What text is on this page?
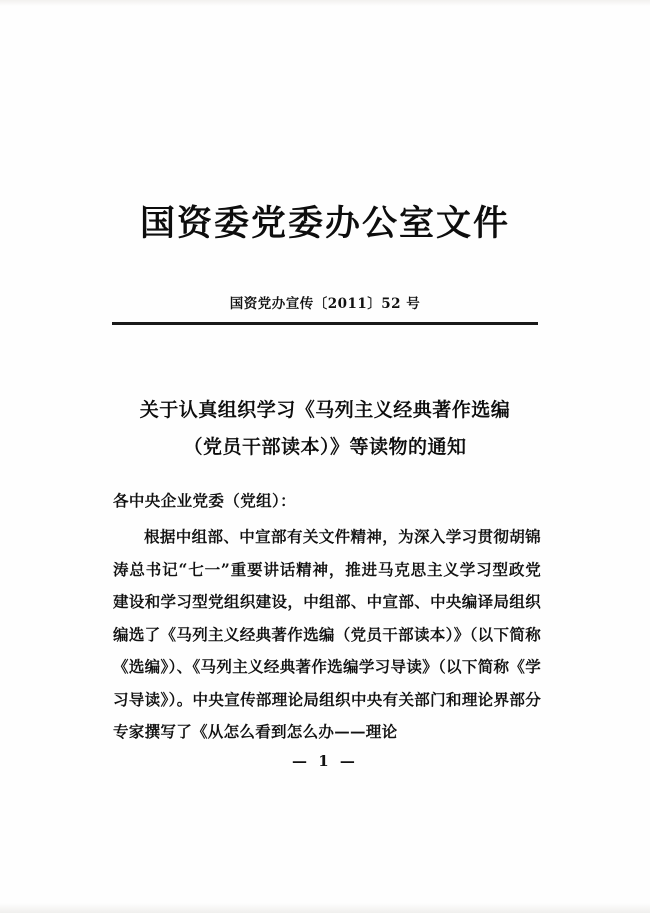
国资委党委办公室文件
国资党办宣传〔2011〕52 号
关于认真组织学习《马列主义经典著作选编
（党员干部读本）》等读物的通知
各中央企业党委（党组）：

根据中组部、中宣部有关文件精神，为深入学习贯彻胡锦涛总书记“七一”重要讲话精神，推进马克思主义学习型政党建设和学习型党组织建设，中组部、中宣部、中央编译局组织编选了《马列主义经典著作选编（党员干部读本）》（以下简称《选编》）、《马列主义经典著作选编学习导读》（以下简称《学习导读》）。中央宣传部理论局组织中央有关部门和理论界部分专家撰写了《从怎么看到怎么办——理论

— 1 —
